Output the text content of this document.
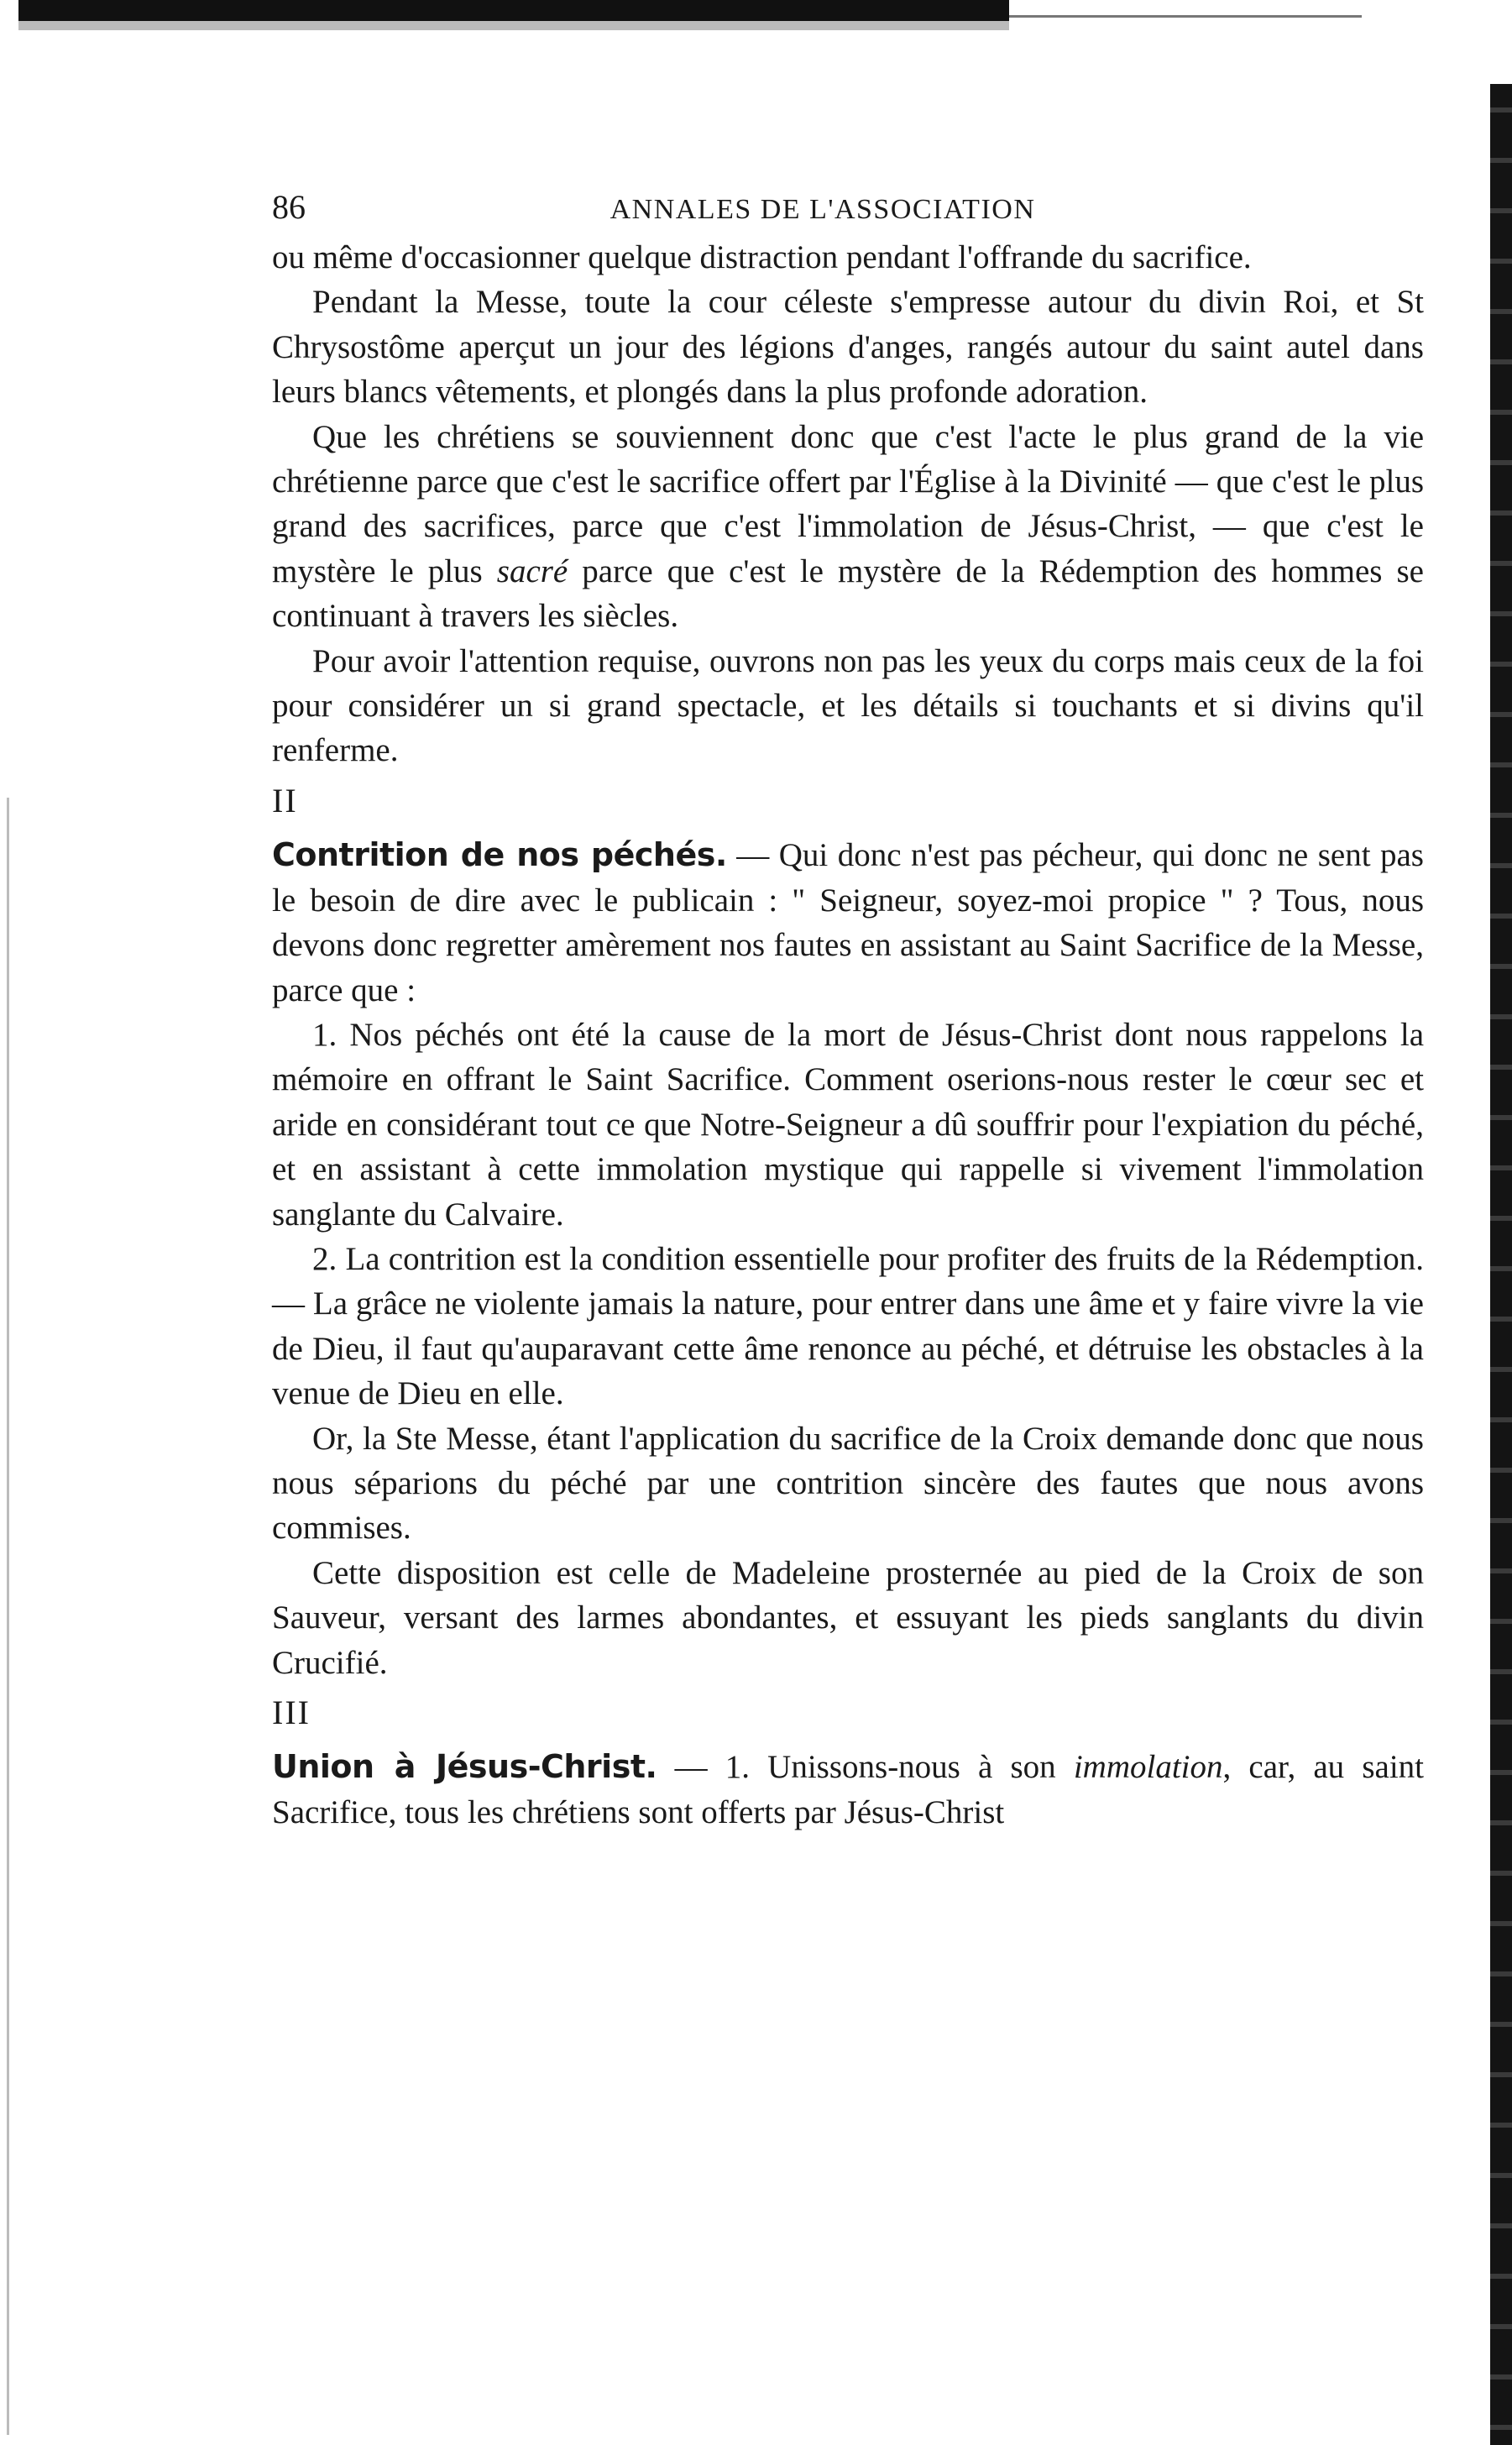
86	ANNALES DE L'ASSOCIATION

ou même d'occasionner quelque distraction pendant l'offrande du sacrifice.

Pendant la Messe, toute la cour céleste s'empresse autour du divin Roi, et St Chrysostôme aperçut un jour des légions d'anges, rangés autour du saint autel dans leurs blancs vêtements, et plongés dans la plus profonde adoration.

Que les chrétiens se souviennent donc que c'est l'acte le plus grand de la vie chrétienne parce que c'est le sacrifice offert par l'Église à la Divinité — que c'est le plus grand des sacrifices, parce que c'est l'immolation de Jésus-Christ, — que c'est le mystère le plus sacré parce que c'est le mystère de la Rédemption des hommes se continuant à travers les siècles.

Pour avoir l'attention requise, ouvrons non pas les yeux du corps mais ceux de la foi pour considérer un si grand spectacle, et les détails si touchants et si divins qu'il renferme.

II

Contrition de nos péchés. — Qui donc n'est pas pécheur, qui donc ne sent pas le besoin de dire avec le publicain : " Seigneur, soyez-moi propice " ? Tous, nous devons donc regretter amèrement nos fautes en assistant au Saint Sacrifice de la Messe, parce que :

1. Nos péchés ont été la cause de la mort de Jésus-Christ dont nous rappelons la mémoire en offrant le Saint Sacrifice. Comment oserions-nous rester le cœur sec et aride en considérant tout ce que Notre-Seigneur a dû souffrir pour l'expiation du péché, et en assistant à cette immolation mystique qui rappelle si vivement l'immolation sanglante du Calvaire.

2. La contrition est la condition essentielle pour profiter des fruits de la Rédemption. — La grâce ne violente jamais la nature, pour entrer dans une âme et y faire vivre la vie de Dieu, il faut qu'auparavant cette âme renonce au péché, et détruise les obstacles à la venue de Dieu en elle.

Or, la Ste Messe, étant l'application du sacrifice de la Croix demande donc que nous nous séparions du péché par une contrition sincère des fautes que nous avons commises.

Cette disposition est celle de Madeleine prosternée au pied de la Croix de son Sauveur, versant des larmes abondantes, et essuyant les pieds sanglants du divin Crucifié.

III

Union à Jésus-Christ. — 1. Unissons-nous à son immolation, car, au saint Sacrifice, tous les chrétiens sont offerts par Jésus-Christ
